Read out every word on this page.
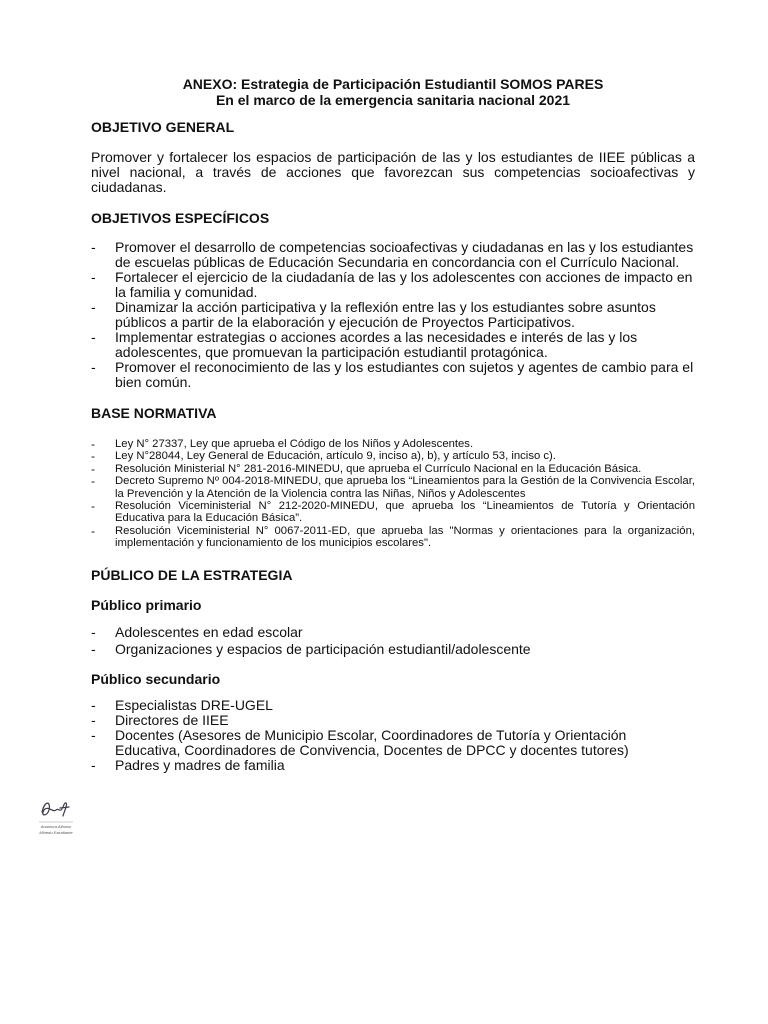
ANEXO: Estrategia de Participación Estudiantil SOMOS PARES
En el marco de la emergencia sanitaria nacional 2021
OBJETIVO GENERAL

Promover y fortalecer los espacios de participación de las y los estudiantes de IIEE públicas a nivel nacional, a través de acciones que favorezcan sus competencias socioafectivas y ciudadanas.

OBJETIVOS ESPECÍFICOS
- Promover el desarrollo de competencias socioafectivas y ciudadanas en las y los estudiantes de escuelas públicas de Educación Secundaria en concordancia con el Currículo Nacional.
- Fortalecer el ejercicio de la ciudadanía de las y los adolescentes con acciones de impacto en la familia y comunidad.
- Dinamizar la acción participativa y la reflexión entre las y los estudiantes sobre asuntos públicos a partir de la elaboración y ejecución de Proyectos Participativos.
- Implementar estrategias o acciones acordes a las necesidades e interés de las y los adolescentes, que promuevan la participación estudiantil protagónica.
- Promover el reconocimiento de las y los estudiantes con sujetos y agentes de cambio para el bien común.
BASE NORMATIVA
- Ley N° 27337, Ley que aprueba el Código de los Niños y Adolescentes.
- Ley N°28044, Ley General de Educación, artículo 9, inciso a), b), y artículo 53, inciso c).
- Resolución Ministerial N° 281-2016-MINEDU, que aprueba el Currículo Nacional en la Educación Básica.
- Decreto Supremo Nº 004-2018-MINEDU, que aprueba los “Lineamientos para la Gestión de la Convivencia Escolar, la Prevención y la Atención de la Violencia contra las Niñas, Niños y Adolescentes
- Resolución Viceministerial N° 212-2020-MINEDU, que aprueba los “Lineamientos de Tutoría y Orientación Educativa para la Educación Básica”.
- Resolución Viceministerial N° 0067-2011-ED, que aprueba las "Normas y orientaciones para la organización, implementación y funcionamiento de los municipios escolares".
PÚBLICO DE LA ESTRATEGIA
Público primario
- Adolescentes en edad escolar
- Organizaciones y espacios de participación estudiantil/adolescente
Público secundario
- Especialistas DRE-UGEL
- Directores de IIEE
- Docentes (Asesores de Municipio Escolar, Coordinadores de Tutoría y Orientación Educativa, Coordinadores de Convivencia, Docentes de DPCC y docentes tutores)
- Padres y madres de familia
Anamora Alfonso
Minedu Estudiante
